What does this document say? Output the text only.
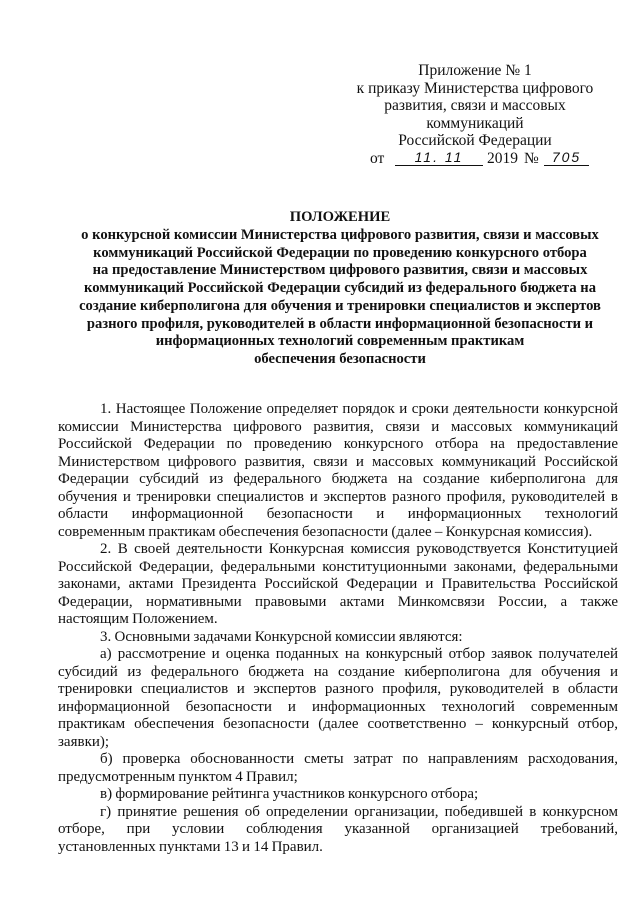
Приложение № 1
к приказу Министерства цифрового
развития, связи и массовых
коммуникаций
Российской Федерации
от	11. 11	2019 № 705
ПОЛОЖЕНИЕ
о конкурсной комиссии Министерства цифрового развития, связи и массовых
коммуникаций Российской Федерации по проведению конкурсного отбора
на предоставление Министерством цифрового развития, связи и массовых
коммуникаций Российской Федерации субсидий из федерального бюджета на
создание киберполигона для обучения и тренировки специалистов и экспертов
разного профиля, руководителей в области информационной безопасности и
информационных технологий современным практикам
обеспечения безопасности
1. Настоящее Положение определяет порядок и сроки деятельности конкурсной
комиссии Министерства цифрового развития, связи и массовых коммуникаций
Российской Федерации по проведению конкурсного отбора на предоставление
Министерством цифрового развития, связи и массовых коммуникаций Российской
Федерации субсидий из федерального бюджета на создание киберполигона для
обучения и тренировки специалистов и экспертов разного профиля, руководителей в
области информационной безопасности и информационных технологий
современным практикам обеспечения безопасности (далее – Конкурсная комиссия).
2. В своей деятельности Конкурсная комиссия руководствуется Конституцией
Российской Федерации, федеральными конституционными законами, федеральными
законами, актами Президента Российской Федерации и Правительства Российской
Федерации, нормативными правовыми актами Минкомсвязи России, а также
настоящим Положением.
3. Основными задачами Конкурсной комиссии являются:
а) рассмотрение и оценка поданных на конкурсный отбор заявок получателей
субсидий из федерального бюджета на создание киберполигона для обучения и
тренировки специалистов и экспертов разного профиля, руководителей в области
информационной безопасности и информационных технологий современным
практикам обеспечения безопасности (далее соответственно – конкурсный отбор,
заявки);
б) проверка обоснованности сметы затрат по направлениям расходования,
предусмотренным пунктом 4 Правил;
в) формирование рейтинга участников конкурсного отбора;
г) принятие решения об определении организации, победившей в конкурсном
отборе, при условии соблюдения указанной организацией требований,
установленных пунктами 13 и 14 Правил.
